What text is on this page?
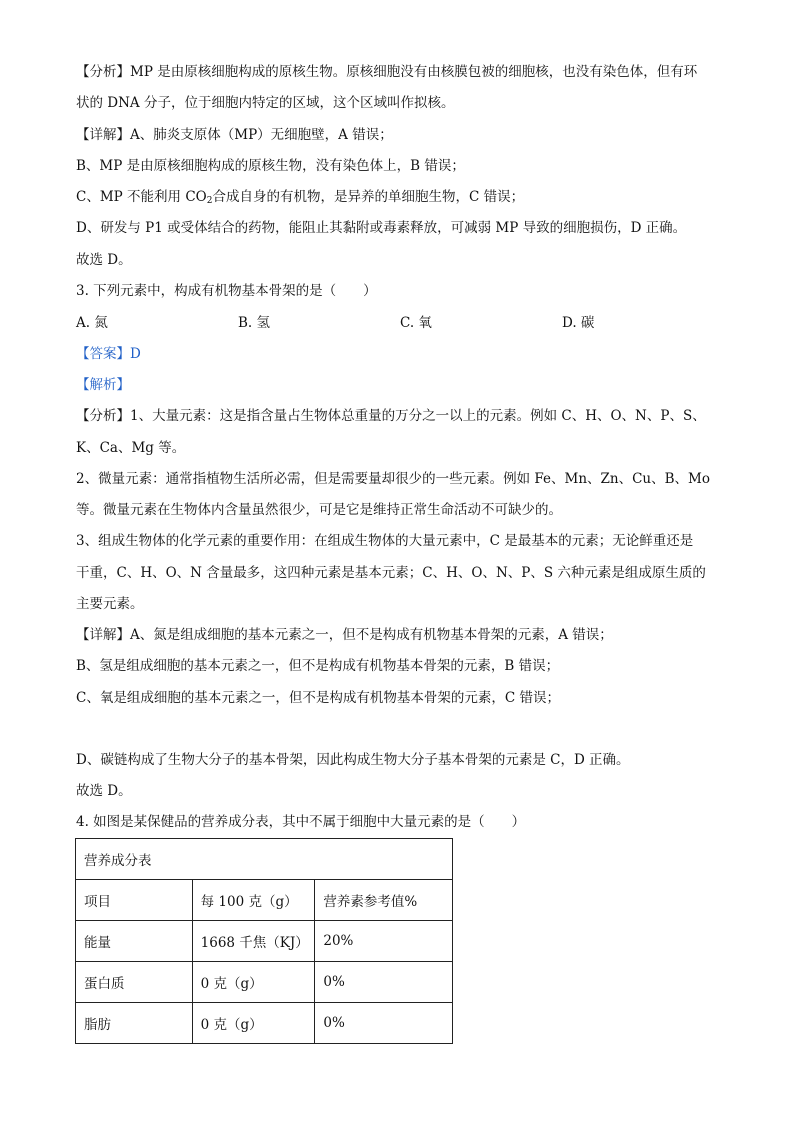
【分析】MP 是由原核细胞构成的原核生物。原核细胞没有由核膜包被的细胞核，也没有染色体，但有环
状的 DNA 分子，位于细胞内特定的区域，这个区域叫作拟核。
【详解】A、肺炎支原体（MP）无细胞壁，A 错误；
B、MP 是由原核细胞构成的原核生物，没有染色体上，B 错误；
C、MP 不能利用 $CO_2$合成自身的有机物，是异养的单细胞生物，C 错误；
D、研发与 P1 或受体结合的药物，能阻止其黏附或毒素释放，可减弱 MP 导致的细胞损伤，D 正确。
故选 D。
3. 下列元素中，构成有机物基本骨架的是（　　）
A. 氮	B. 氢	C. 氧	D. 碳
【答案】D
【解析】
【分析】1、大量元素：这是指含量占生物体总重量的万分之一以上的元素。例如 C、H、O、N、P、S、
K、Ca、Mg 等。
2、微量元素：通常指植物生活所必需，但是需要量却很少的一些元素。例如 Fe、Mn、Zn、Cu、B、Mo
等。微量元素在生物体内含量虽然很少，可是它是维持正常生命活动不可缺少的。
3、组成生物体的化学元素的重要作用：在组成生物体的大量元素中，C 是最基本的元素；无论鲜重还是
干重，C、H、O、N 含量最多，这四种元素是基本元素；C、H、O、N、P、S 六种元素是组成原生质的
主要元素。
【详解】A、氮是组成细胞的基本元素之一，但不是构成有机物基本骨架的元素，A 错误；
B、氢是组成细胞的基本元素之一，但不是构成有机物基本骨架的元素，B 错误；
C、氧是组成细胞的基本元素之一，但不是构成有机物基本骨架的元素，C 错误；
D、碳链构成了生物大分子的基本骨架，因此构成生物大分子基本骨架的元素是 C，D 正确。
故选 D。
4. 如图是某保健品的营养成分表，其中不属于细胞中大量元素的是（　　）
营养成分表		
项目	每 100 克（g）	营养素参考值%
能量	1668 千焦（KJ）	20%
蛋白质	0 克（g）	0%
脂肪	0 克（g）	0%
